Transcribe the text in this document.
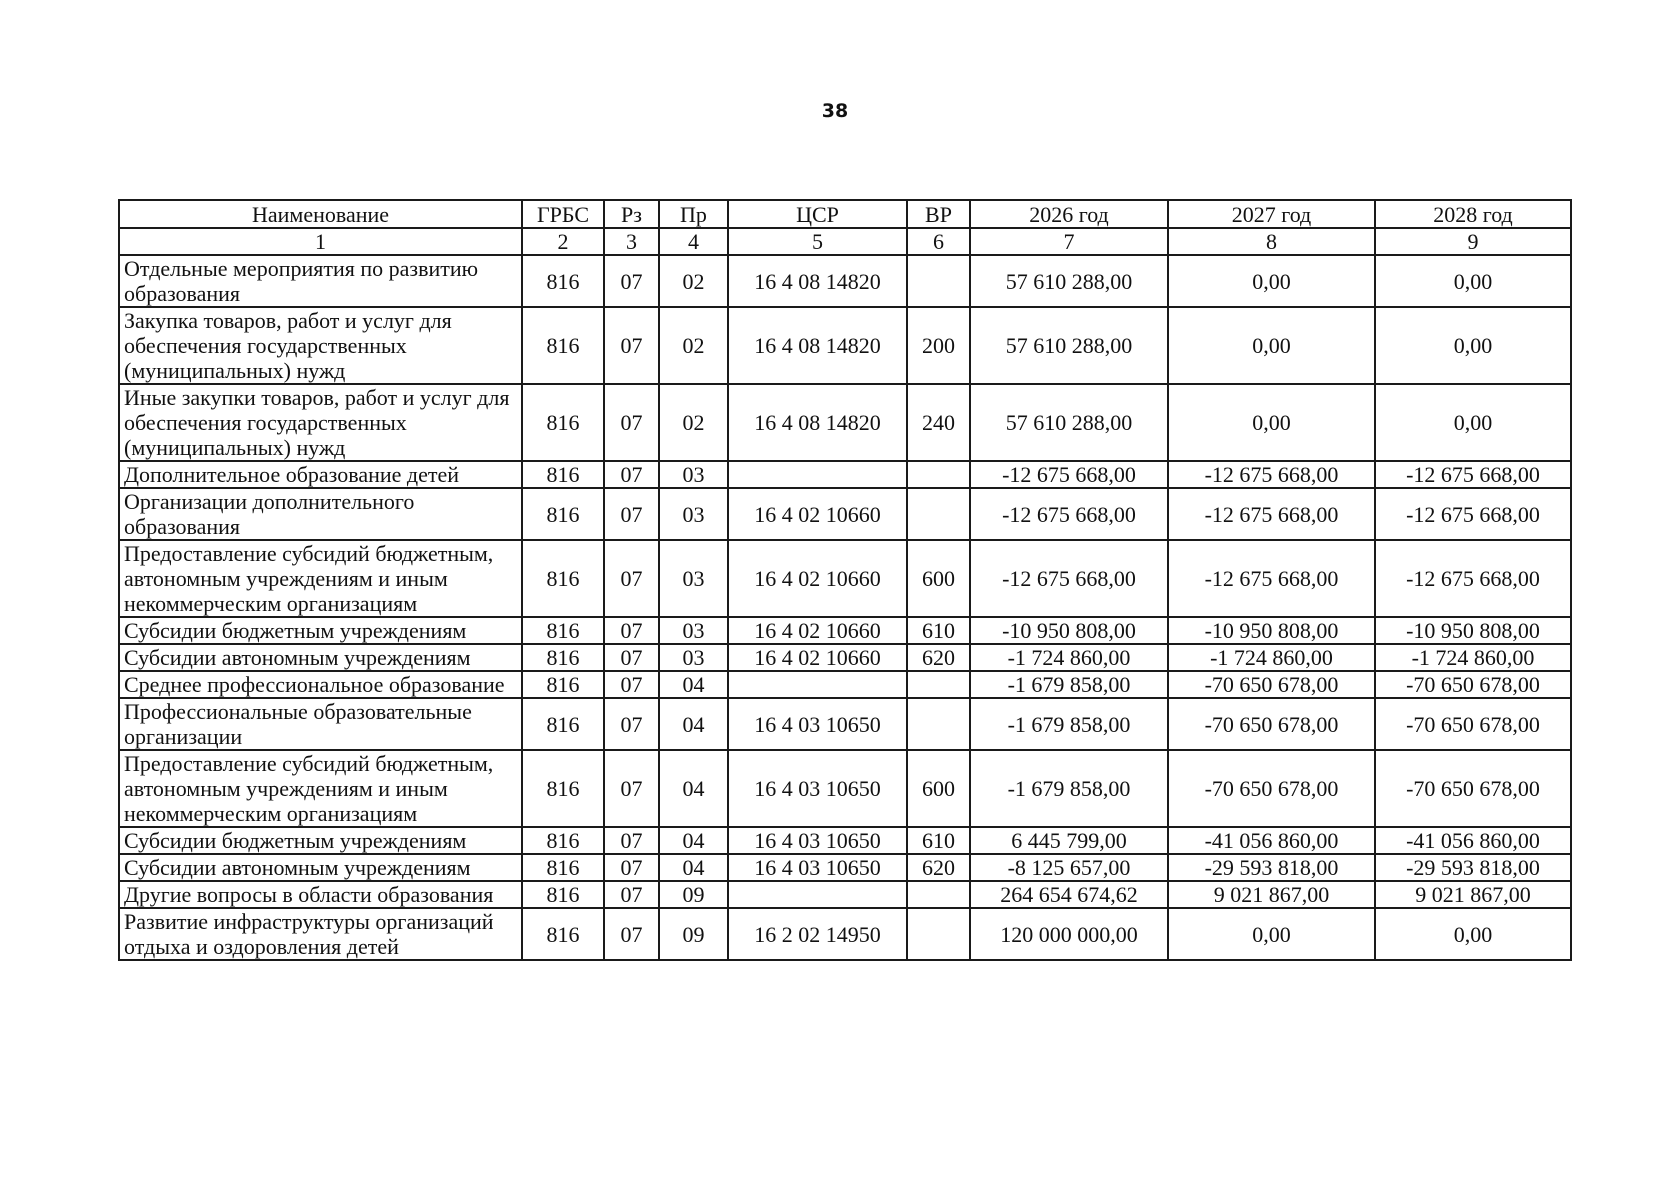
38
Наименование	ГРБС	Рз	Пр	ЦСР	ВР	2026 год	2027 год	2028 год
1	2	3	4	5	6	7	8	9
Отдельные мероприятия по развитию образования	816	07	02	16 4 08 14820		57 610 288,00	0,00	0,00
Закупка товаров, работ и услуг для обеспечения государственных (муниципальных) нужд	816	07	02	16 4 08 14820	200	57 610 288,00	0,00	0,00
Иные закупки товаров, работ и услуг для обеспечения государственных (муниципальных) нужд	816	07	02	16 4 08 14820	240	57 610 288,00	0,00	0,00
Дополнительное образование детей	816	07	03			-12 675 668,00	-12 675 668,00	-12 675 668,00
Организации дополнительного образования	816	07	03	16 4 02 10660		-12 675 668,00	-12 675 668,00	-12 675 668,00
Предоставление субсидий бюджетным, автономным учреждениям и иным некоммерческим организациям	816	07	03	16 4 02 10660	600	-12 675 668,00	-12 675 668,00	-12 675 668,00
Субсидии бюджетным учреждениям	816	07	03	16 4 02 10660	610	-10 950 808,00	-10 950 808,00	-10 950 808,00
Субсидии автономным учреждениям	816	07	03	16 4 02 10660	620	-1 724 860,00	-1 724 860,00	-1 724 860,00
Среднее профессиональное образование	816	07	04			-1 679 858,00	-70 650 678,00	-70 650 678,00
Профессиональные образовательные организации	816	07	04	16 4 03 10650		-1 679 858,00	-70 650 678,00	-70 650 678,00
Предоставление субсидий бюджетным, автономным учреждениям и иным некоммерческим организациям	816	07	04	16 4 03 10650	600	-1 679 858,00	-70 650 678,00	-70 650 678,00
Субсидии бюджетным учреждениям	816	07	04	16 4 03 10650	610	6 445 799,00	-41 056 860,00	-41 056 860,00
Субсидии автономным учреждениям	816	07	04	16 4 03 10650	620	-8 125 657,00	-29 593 818,00	-29 593 818,00
Другие вопросы в области образования	816	07	09			264 654 674,62	9 021 867,00	9 021 867,00
Развитие инфраструктуры организаций отдыха и оздоровления детей	816	07	09	16 2 02 14950		120 000 000,00	0,00	0,00
